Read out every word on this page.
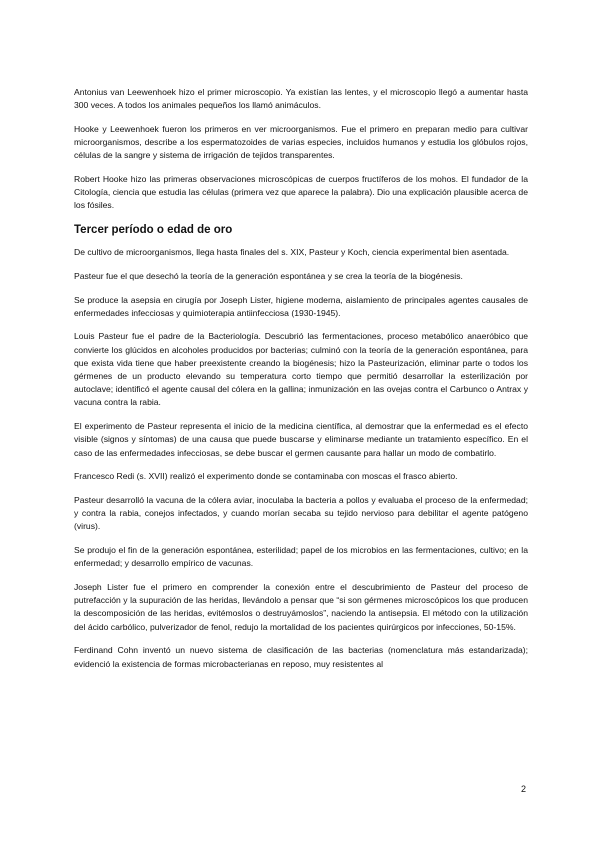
Antonius van Leewenhoek hizo el primer microscopio. Ya existían las lentes, y el microscopio llegó a aumentar hasta 300 veces. A todos los animales pequeños los llamó animáculos.

Hooke y Leewenhoek fueron los primeros en ver microorganismos. Fue el primero en preparan medio para cultivar microorganismos, describe a los espermatozoides de varias especies, incluidos humanos y estudia los glóbulos rojos, células de la sangre y sistema de irrigación de tejidos transparentes.

Robert Hooke hizo las primeras observaciones microscópicas de cuerpos fructíferos de los mohos. El fundador de la Citología, ciencia que estudia las células (primera vez que aparece la palabra). Dio una explicación plausible acerca de los fósiles.

Tercer período o edad de oro

De cultivo de microorganismos, llega hasta finales del s. XIX, Pasteur y Koch, ciencia experimental bien asentada.

Pasteur fue el que desechó la teoría de la generación espontánea y se crea la teoría de la biogénesis.

Se produce la asepsia en cirugía por Joseph Lister, higiene moderna, aislamiento de principales agentes causales de enfermedades infecciosas y quimioterapia antiinfecciosa (1930-1945).

Louis Pasteur fue el padre de la Bacteriología. Descubrió las fermentaciones, proceso metabólico anaeróbico que convierte los glúcidos en alcoholes producidos por bacterias; culminó con la teoría de la generación espontánea, para que exista vida tiene que haber preexistente creando la biogénesis; hizo la Pasteurización, eliminar parte o todos los gérmenes de un producto elevando su temperatura corto tiempo que permitió desarrollar la esterilización por autoclave; identificó el agente causal del cólera en la gallina; inmunización en las ovejas contra el Carbunco o Antrax y vacuna contra la rabia.

El experimento de Pasteur representa el inicio de la medicina científica, al demostrar que la enfermedad es el efecto visible (signos y síntomas) de una causa que puede buscarse y eliminarse mediante un tratamiento específico. En el caso de las enfermedades infecciosas, se debe buscar el germen causante para hallar un modo de combatirlo.

Francesco Redi (s. XVII) realizó el experimento donde se contaminaba con moscas el frasco abierto.

Pasteur desarrolló la vacuna de la cólera aviar, inoculaba la bacteria a pollos y evaluaba el proceso de la enfermedad; y contra la rabia, conejos infectados, y cuando morían secaba su tejido nervioso para debilitar el agente patógeno (virus).

Se produjo el fin de la generación espontánea, esterilidad; papel de los microbios en las fermentaciones, cultivo; en la enfermedad; y desarrollo empírico de vacunas.

Joseph Lister fue el primero en comprender la conexión entre el descubrimiento de Pasteur del proceso de putrefacción y la supuración de las heridas, llevándolo a pensar que “si son gérmenes microscópicos los que producen la descomposición de las heridas, evitémoslos o destruyámoslos”, naciendo la antisepsia. El método con la utilización del ácido carbólico, pulverizador de fenol, redujo la mortalidad de los pacientes quirúrgicos por infecciones, 50-15%.

Ferdinand Cohn inventó un nuevo sistema de clasificación de las bacterias (nomenclatura más estandarizada); evidenció la existencia de formas microbacterianas en reposo, muy resistentes al

2
